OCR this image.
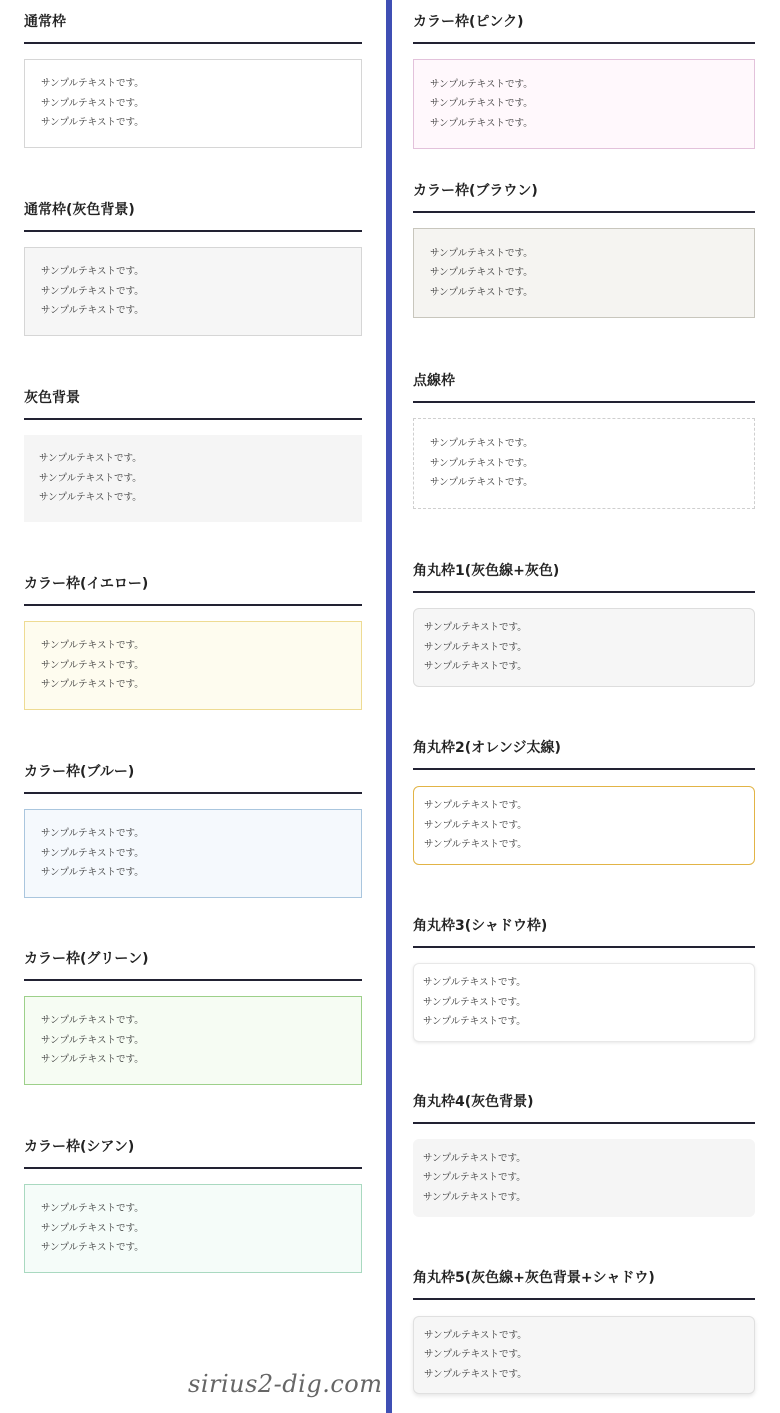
通常枠

サンプルテキストです。

サンプルテキストです。

サンプルテキストです。

通常枠(灰色背景)

サンプルテキストです。

サンプルテキストです。

サンプルテキストです。

灰色背景

サンプルテキストです。

サンプルテキストです。

サンプルテキストです。

カラー枠(イエロー)

サンプルテキストです。

サンプルテキストです。

サンプルテキストです。

カラー枠(ブルー)

サンプルテキストです。

サンプルテキストです。

サンプルテキストです。

カラー枠(グリーン)

サンプルテキストです。

サンプルテキストです。

サンプルテキストです。

カラー枠(シアン)

サンプルテキストです。

サンプルテキストです。

サンプルテキストです。

カラー枠(ピンク)

サンプルテキストです。

サンプルテキストです。

サンプルテキストです。

カラー枠(ブラウン)

サンプルテキストです。

サンプルテキストです。

サンプルテキストです。

点線枠

サンプルテキストです。

サンプルテキストです。

サンプルテキストです。

角丸枠1(灰色線+灰色)

サンプルテキストです。

サンプルテキストです。

サンプルテキストです。

角丸枠2(オレンジ太線)

サンプルテキストです。

サンプルテキストです。

サンプルテキストです。

角丸枠3(シャドウ枠)

サンプルテキストです。

サンプルテキストです。

サンプルテキストです。

角丸枠4(灰色背景)

サンプルテキストです。

サンプルテキストです。

サンプルテキストです。

角丸枠5(灰色線+灰色背景+シャドウ)

サンプルテキストです。

サンプルテキストです。

サンプルテキストです。

sirius2-dig.com
